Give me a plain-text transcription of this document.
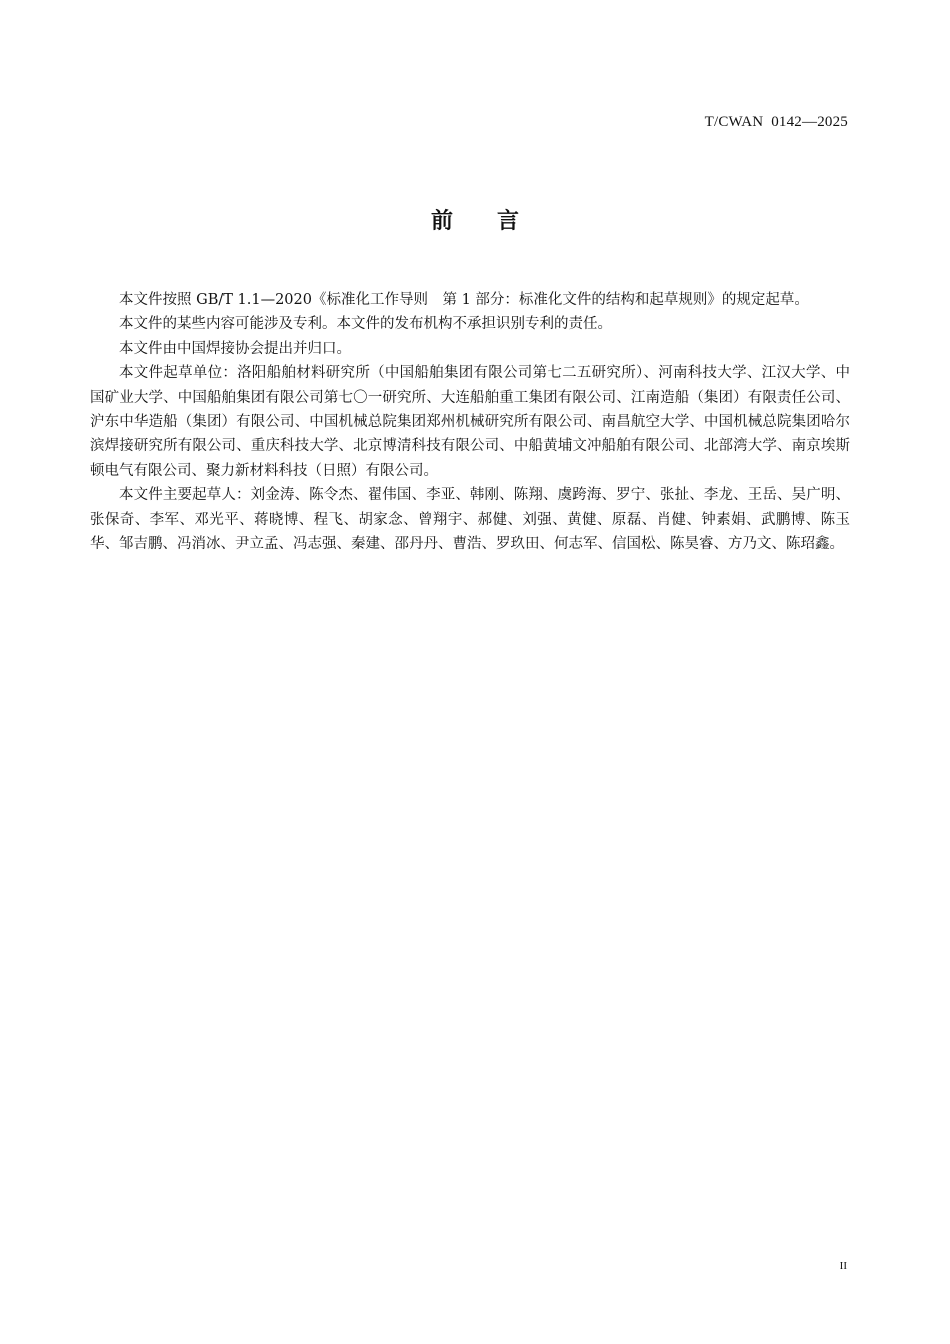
T/CWAN  0142—2025
前言

本文件按照 GB/T 1.1—2020《标准化工作导则　第 1 部分：标准化文件的结构和起草规则》的规定起草。

本文件的某些内容可能涉及专利。本文件的发布机构不承担识别专利的责任。

本文件由中国焊接协会提出并归口。

本文件起草单位：洛阳船舶材料研究所（中国船舶集团有限公司第七二五研究所）、河南科技大学、江汉大学、中国矿业大学、中国船舶集团有限公司第七〇一研究所、大连船舶重工集团有限公司、江南造船（集团）有限责任公司、沪东中华造船（集团）有限公司、中国机械总院集团郑州机械研究所有限公司、南昌航空大学、中国机械总院集团哈尔滨焊接研究所有限公司、重庆科技大学、北京博清科技有限公司、中船黄埔文冲船舶有限公司、北部湾大学、南京埃斯顿电气有限公司、聚力新材料科技（日照）有限公司。

本文件主要起草人：刘金涛、陈令杰、翟伟国、李亚、韩刚、陈翔、虞跨海、罗宁、张扯、李龙、王岳、吴广明、张保奇、李军、邓光平、蒋晓博、程飞、胡家念、曾翔宇、郝健、刘强、黄健、原磊、肖健、钟素娟、武鹏博、陈玉华、邹吉鹏、冯消冰、尹立孟、冯志强、秦建、邵丹丹、曹浩、罗玖田、何志军、信国松、陈昊睿、方乃文、陈玿鑫。

II
